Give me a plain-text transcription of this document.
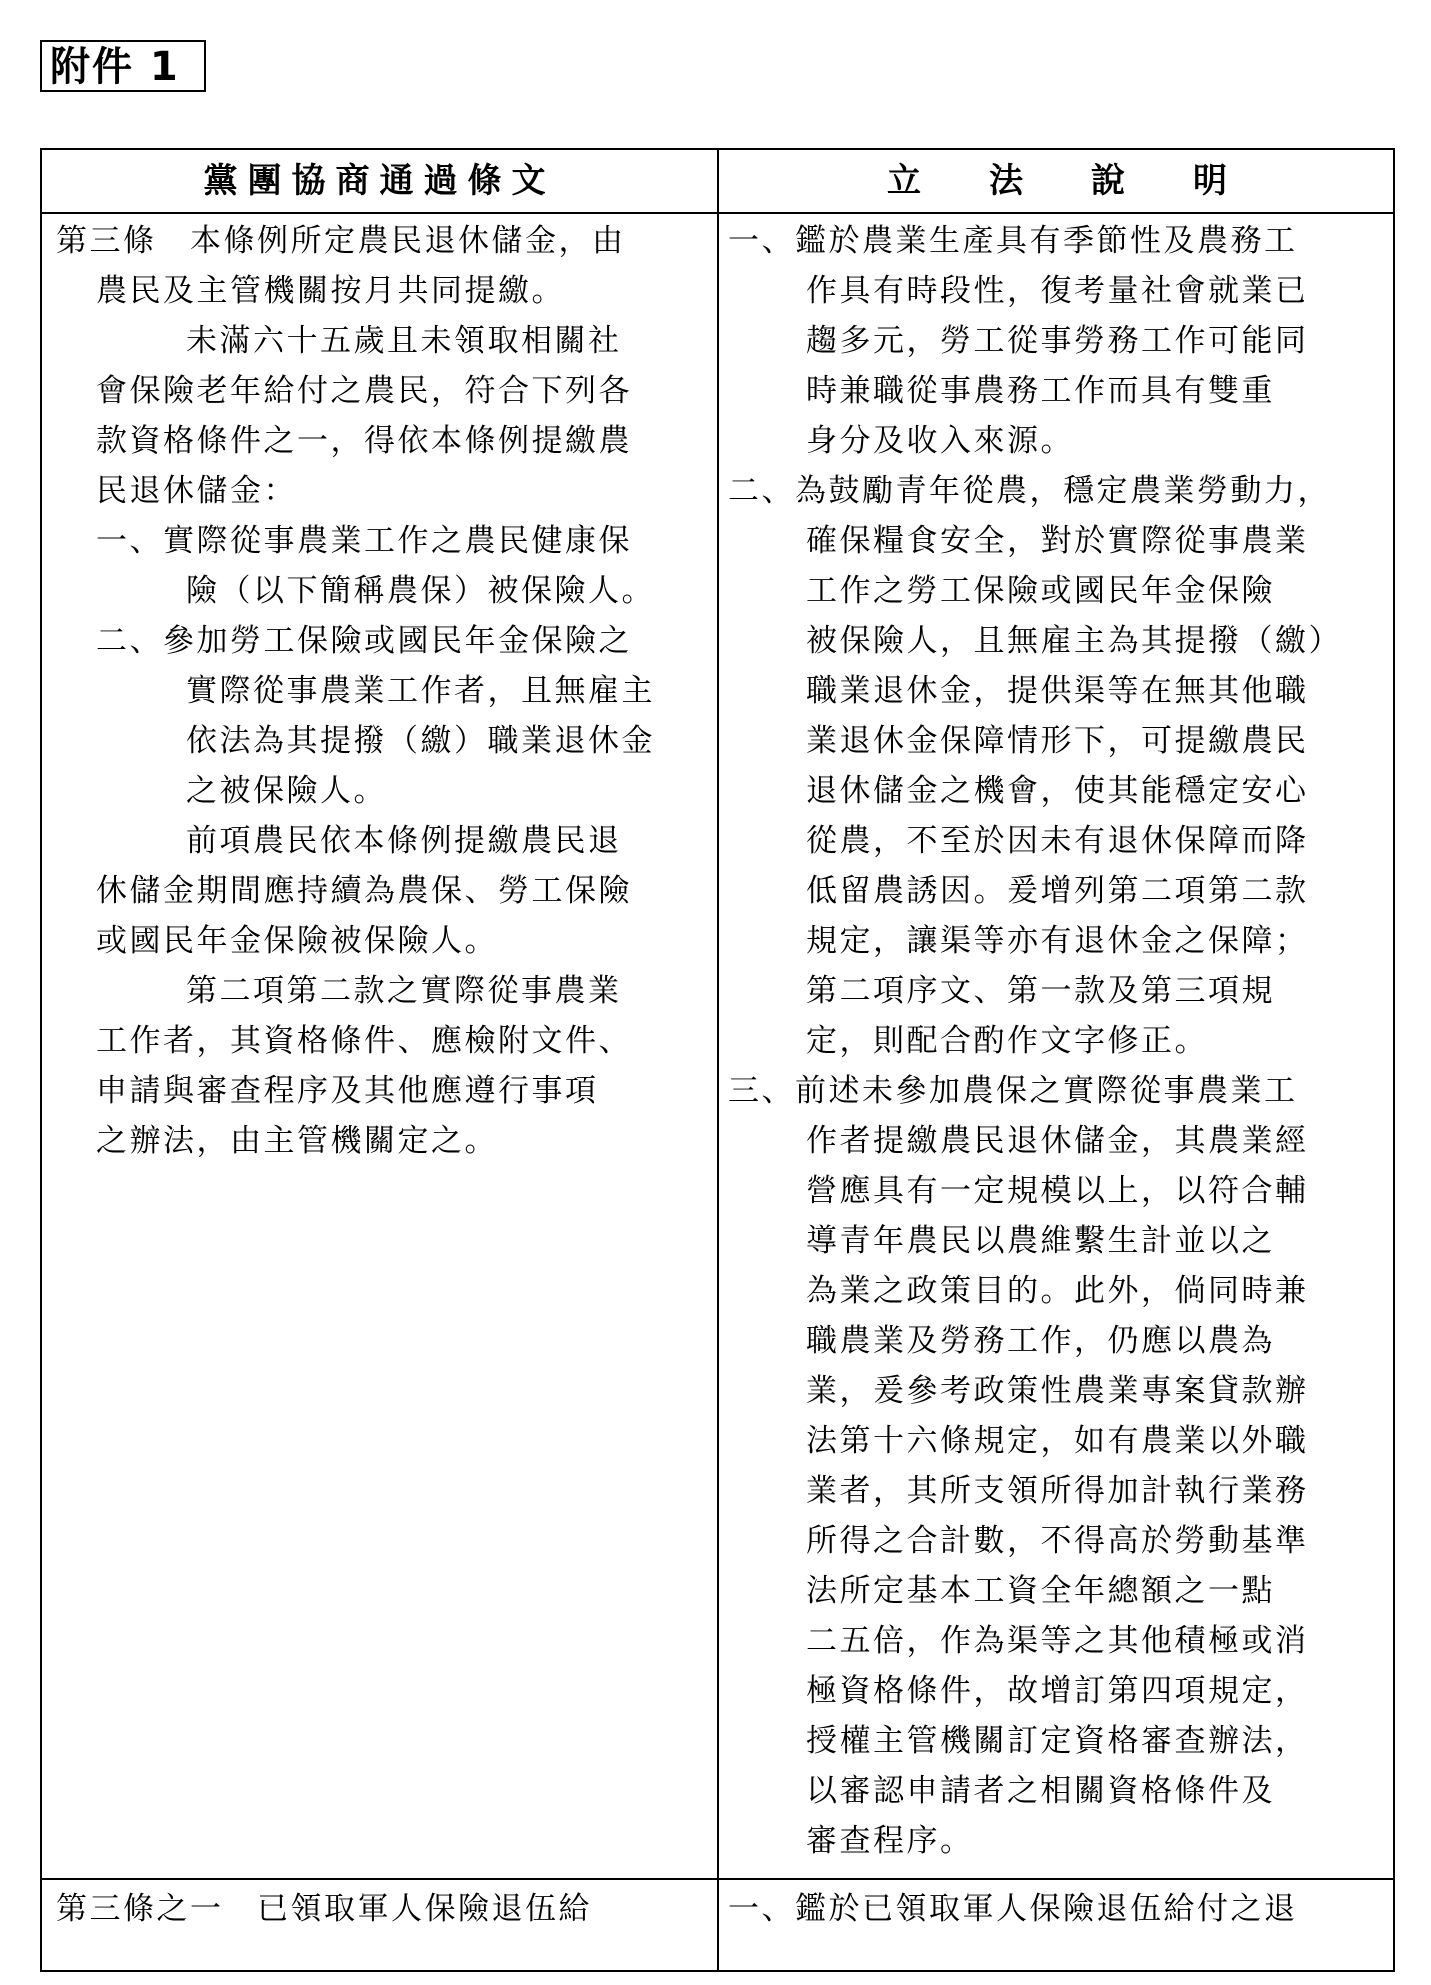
附件 1
黨團協商通過條文	立法說明
第三條　本條例所定農民退休儲金，由
農民及主管機關按月共同提繳。
未滿六十五歲且未領取相關社
會保險老年給付之農民，符合下列各
款資格條件之一，得依本條例提繳農
民退休儲金：
一、實際從事農業工作之農民健康保
險（以下簡稱農保）被保險人。
二、參加勞工保險或國民年金保險之
實際從事農業工作者，且無雇主
依法為其提撥（繳）職業退休金
之被保險人。
前項農民依本條例提繳農民退
休儲金期間應持續為農保、勞工保險
或國民年金保險被保險人。
第二項第二款之實際從事農業
工作者，其資格條件、應檢附文件、
申請與審查程序及其他應遵行事項
之辦法，由主管機關定之。
一、鑑於農業生產具有季節性及農務工
作具有時段性，復考量社會就業已
趨多元，勞工從事勞務工作可能同
時兼職從事農務工作而具有雙重
身分及收入來源。
二、為鼓勵青年從農，穩定農業勞動力，
確保糧食安全，對於實際從事農業
工作之勞工保險或國民年金保險
被保險人，且無雇主為其提撥（繳）
職業退休金，提供渠等在無其他職
業退休金保障情形下，可提繳農民
退休儲金之機會，使其能穩定安心
從農，不至於因未有退休保障而降
低留農誘因。爰增列第二項第二款
規定，讓渠等亦有退休金之保障；
第二項序文、第一款及第三項規
定，則配合酌作文字修正。
三、前述未參加農保之實際從事農業工
作者提繳農民退休儲金，其農業經
營應具有一定規模以上，以符合輔
導青年農民以農維繫生計並以之
為業之政策目的。此外，倘同時兼
職農業及勞務工作，仍應以農為
業，爰參考政策性農業專案貸款辦
法第十六條規定，如有農業以外職
業者，其所支領所得加計執行業務
所得之合計數，不得高於勞動基準
法所定基本工資全年總額之一點
二五倍，作為渠等之其他積極或消
極資格條件，故增訂第四項規定，
授權主管機關訂定資格審查辦法，
以審認申請者之相關資格條件及
審查程序。
第三條之一　已領取軍人保險退伍給	一、鑑於已領取軍人保險退伍給付之退
